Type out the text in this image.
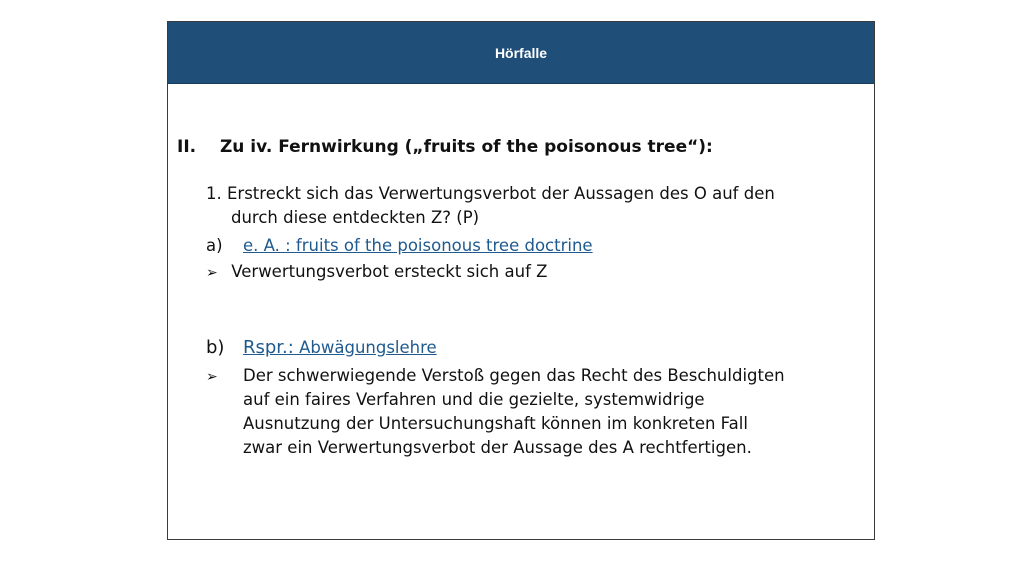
Hörfalle
II. Zu iv. Fernwirkung („fruits of the poisonous tree“):
1. Erstreckt sich das Verwertungsverbot der Aussagen des O auf den
durch diese entdeckten Z? (P)
a) e. A. : fruits of the poisonous tree doctrine
➢ Verwertungsverbot ersteckt sich auf Z
b) Rspr.: Abwägungslehre
➢ Der schwerwiegende Verstoß gegen das Recht des Beschuldigten
auf ein faires Verfahren und die gezielte, systemwidrige
Ausnutzung der Untersuchungshaft können im konkreten Fall
zwar ein Verwertungsverbot der Aussage des A rechtfertigen.
